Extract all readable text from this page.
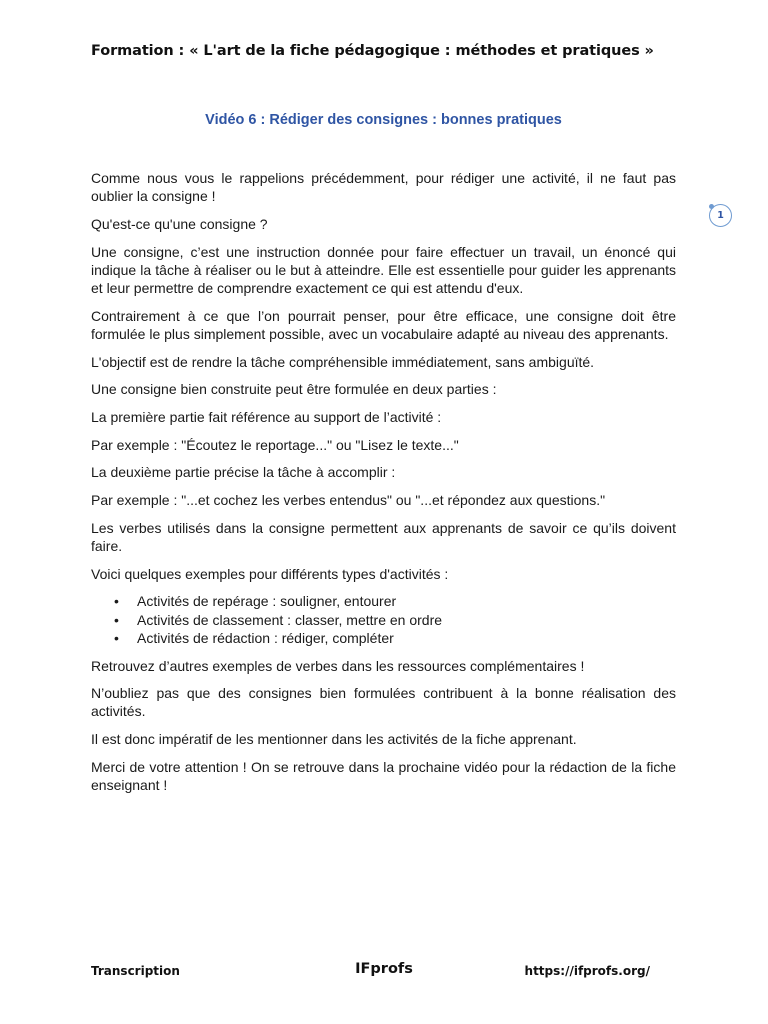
Formation : « L'art de la fiche pédagogique : méthodes et pratiques »
Vidéo 6 : Rédiger des consignes : bonnes pratiques
1

Comme nous vous le rappelions précédemment, pour rédiger une activité, il ne faut pas oublier la consigne !

Qu'est-ce qu'une consigne ?

Une consigne, c’est une instruction donnée pour faire effectuer un travail, un énoncé qui indique la tâche à réaliser ou le but à atteindre. Elle est essentielle pour guider les apprenants et leur permettre de comprendre exactement ce qui est attendu d'eux.

Contrairement à ce que l’on pourrait penser, pour être efficace, une consigne doit être formulée le plus simplement possible, avec un vocabulaire adapté au niveau des apprenants.

L'objectif est de rendre la tâche compréhensible immédiatement, sans ambiguïté.

Une consigne bien construite peut être formulée en deux parties :

La première partie fait référence au support de l’activité :

Par exemple : "Écoutez le reportage..." ou "Lisez le texte..."

La deuxième partie précise la tâche à accomplir :

Par exemple : "...et cochez les verbes entendus" ou "...et répondez aux questions."

Les verbes utilisés dans la consigne permettent aux apprenants de savoir ce qu’ils doivent faire.

Voici quelques exemples pour différents types d'activités :

• Activités de repérage : souligner, entourer
• Activités de classement : classer, mettre en ordre
• Activités de rédaction : rédiger, compléter

Retrouvez d’autres exemples de verbes dans les ressources complémentaires !

N’oubliez pas que des consignes bien formulées contribuent à la bonne réalisation des activités.

Il est donc impératif de les mentionner dans les activités de la fiche apprenant.

Merci de votre attention ! On se retrouve dans la prochaine vidéo pour la rédaction de la fiche enseignant !

Transcription	IFprofs	https://ifprofs.org/
